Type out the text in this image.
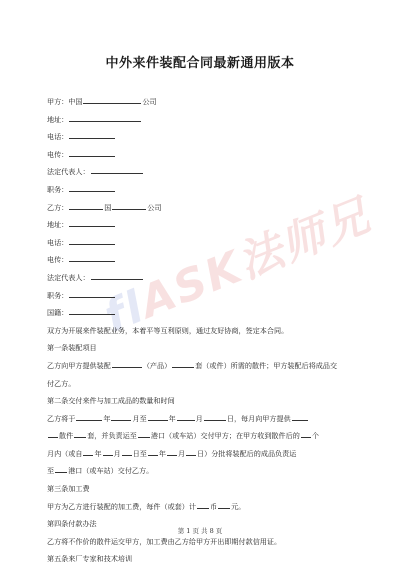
中外来件装配合同最新通用版本
flASK法师兄
甲方：中国	公司
地址：
电话：
电传：
法定代表人：
职务：
乙方：	国	公司
地址：
电话：
电传：
法定代表人：
职务：
国籍：
双方为开展来件装配业务，本着平等互利原则，通过友好协商，签定本合同。
第一条装配项目
乙方向甲方提供装配	（产品）	套（或件）所需的散件；甲方装配后将成品交
付乙方。
第二条交付来件与加工成品的数量和时间
乙方将于	年	月至	年	月	日，每月向甲方提供
散件 套，并负责运至 港口（或车站）交付甲方；在甲方收到散件后的 个
月内（或自 年 月 日至 年 月 日）分批将装配后的成品负责运
至 港口（或车站）交付乙方。
第三条加工费
甲方为乙方进行装配的加工费，每件（或套）计 币 元。
第四条付款办法
乙方将不作价的散件运交甲方，加工费由乙方给甲方开出即期付款信用证。
第五条来厂专家和技术培训
第 1 页 共 8 页
